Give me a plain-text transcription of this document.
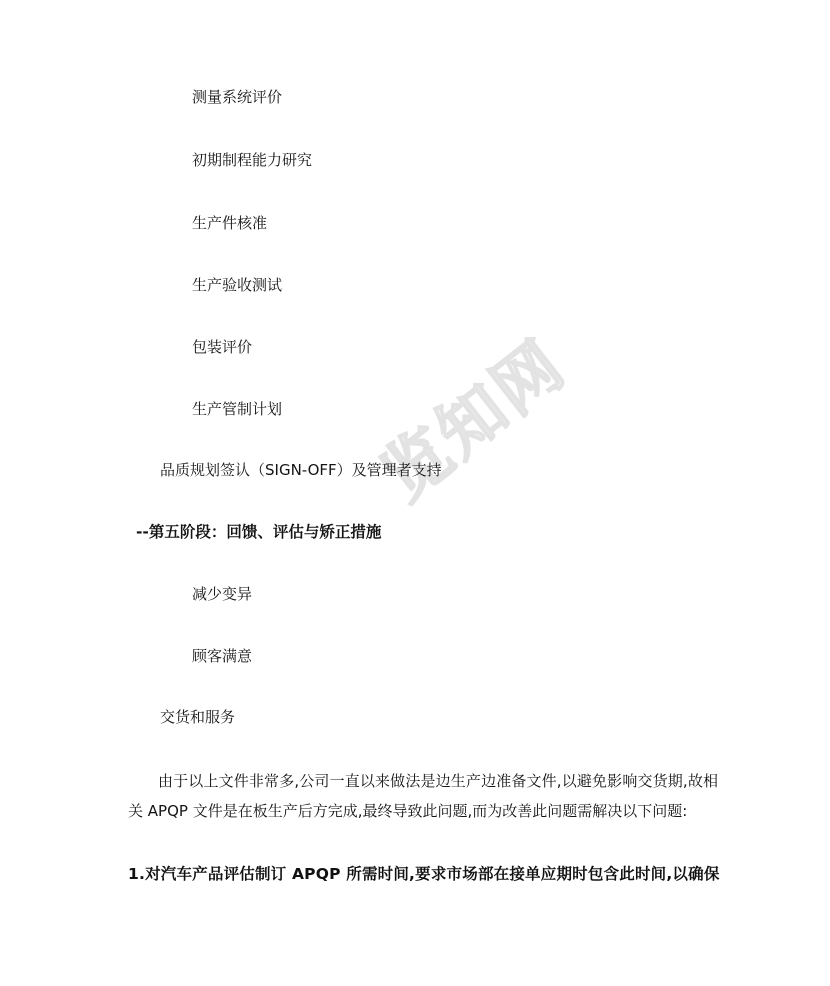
览知网
测量系统评价
初期制程能力研究
生产件核准
生产验收测试
包装评价
生产管制计划
品质规划签认（SIGN-OFF）及管理者支持
--第五阶段：回馈、评估与矫正措施
减少变异
顾客满意
交货和服务
由于以上文件非常多,公司一直以来做法是边生产边准备文件,以避免影响交货期,故相关 APQP 文件是在板生产后方完成,最终导致此问题,而为改善此问题需解决以下问题:
1.对汽车产品评估制订 APQP 所需时间,要求市场部在接单应期时包含此时间,以确保
